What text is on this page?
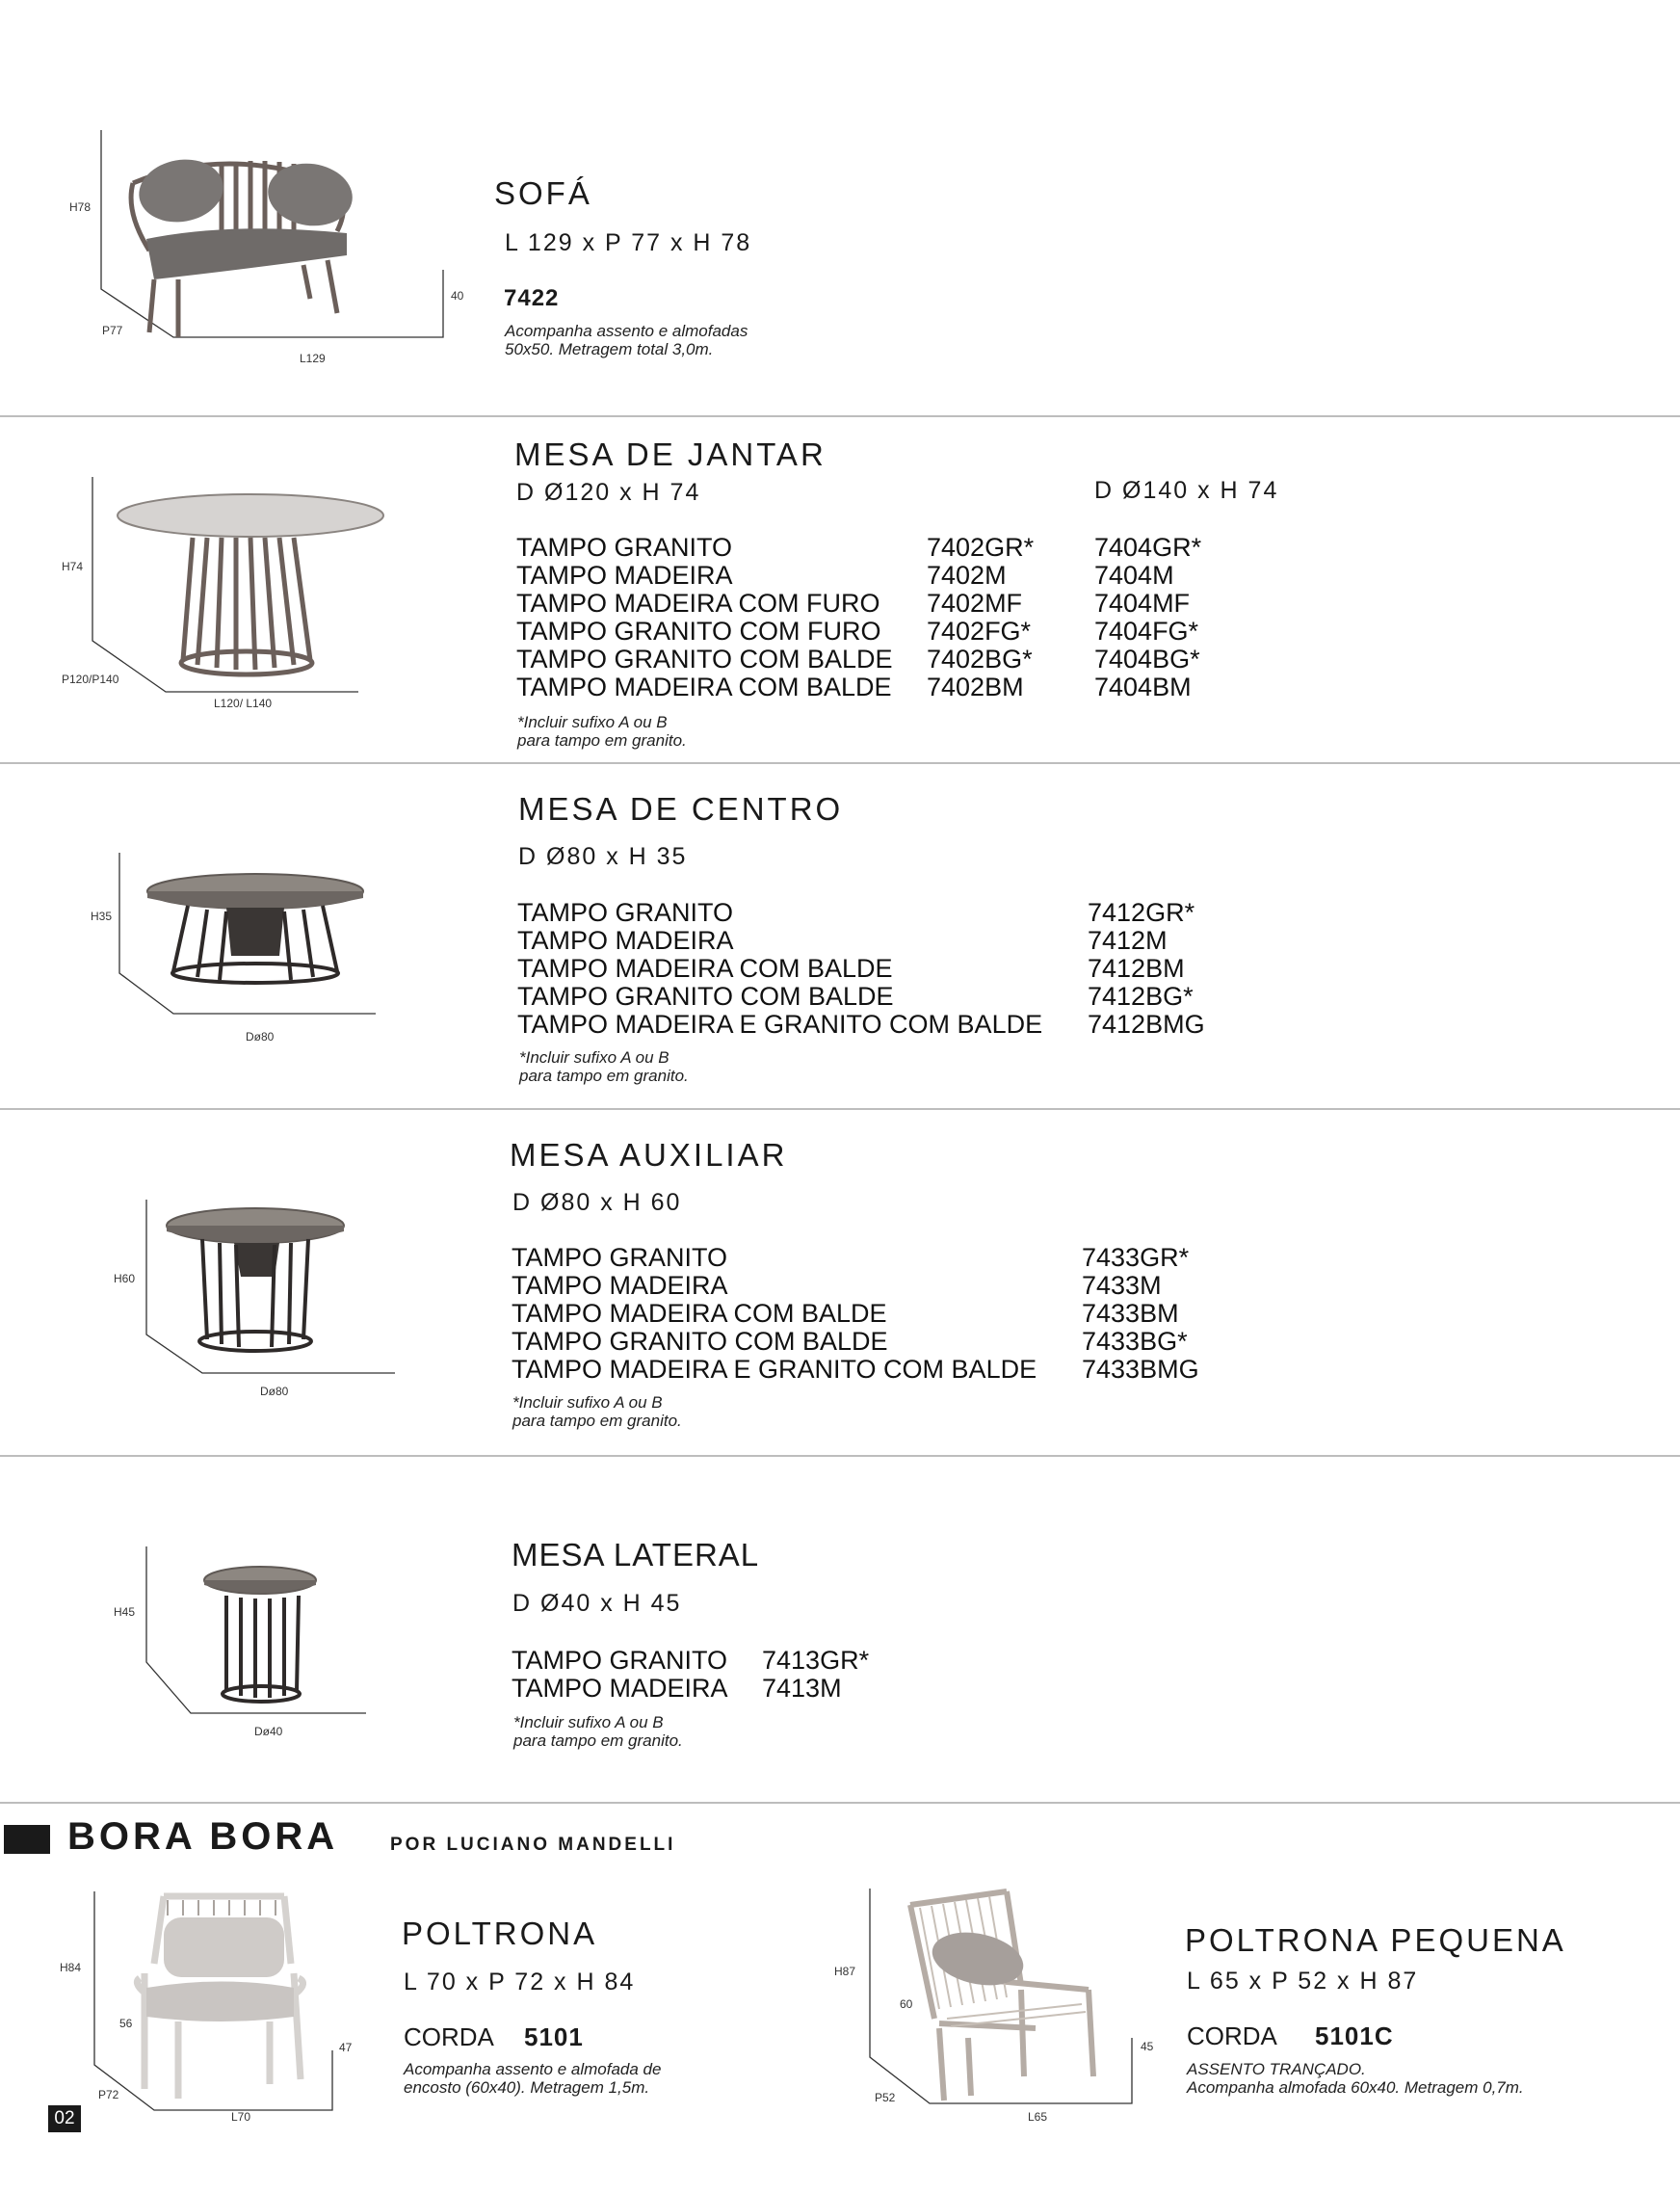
H78
P77
L129
40
SOFÁ
L 129 x P 77 x H 78
7422
Acompanha assento e almofadas
50x50. Metragem total 3,0m.
H74
P120/P140
L120/ L140
MESA DE JANTAR
D Ø120 x H 74	D Ø140 x H 74
TAMPO GRANITO	7402GR*	7404GR*
TAMPO MADEIRA	7402M	7404M
TAMPO MADEIRA COM FURO	7402MF	7404MF
TAMPO GRANITO COM FURO	7402FG*	7404FG*
TAMPO GRANITO COM BALDE	7402BG*	7404BG*
TAMPO MADEIRA COM BALDE	7402BM	7404BM
*Incluir sufixo A ou B
para tampo em granito.
H35
Dø80
MESA DE CENTRO
D Ø80 x H 35
TAMPO GRANITO	7412GR*
TAMPO MADEIRA	7412M
TAMPO MADEIRA COM BALDE	7412BM
TAMPO GRANITO COM BALDE	7412BG*
TAMPO MADEIRA E GRANITO COM BALDE	7412BMG
*Incluir sufixo A ou B
para tampo em granito.
H60
Dø80
MESA AUXILIAR
D Ø80 x H 60
TAMPO GRANITO	7433GR*
TAMPO MADEIRA	7433M
TAMPO MADEIRA COM BALDE	7433BM
TAMPO GRANITO COM BALDE	7433BG*
TAMPO MADEIRA E GRANITO COM BALDE	7433BMG
*Incluir sufixo A ou B
para tampo em granito.
H45
Dø40
MESA LATERAL
D Ø40 x H 45
TAMPO GRANITO	7413GR*
TAMPO MADEIRA	7413M
*Incluir sufixo A ou B
para tampo em granito.
BORA BORA	POR LUCIANO MANDELLI
H84
56
47
P72
L70
POLTRONA
L 70 x P 72 x H 84
CORDA 5101
Acompanha assento e almofada de
encosto (60x40). Metragem 1,5m.
H87
60
45
P52
L65
POLTRONA PEQUENA
L 65 x P 52 x H 87
CORDA 5101C
ASSENTO TRANÇADO.
Acompanha almofada 60x40. Metragem 0,7m.
02
